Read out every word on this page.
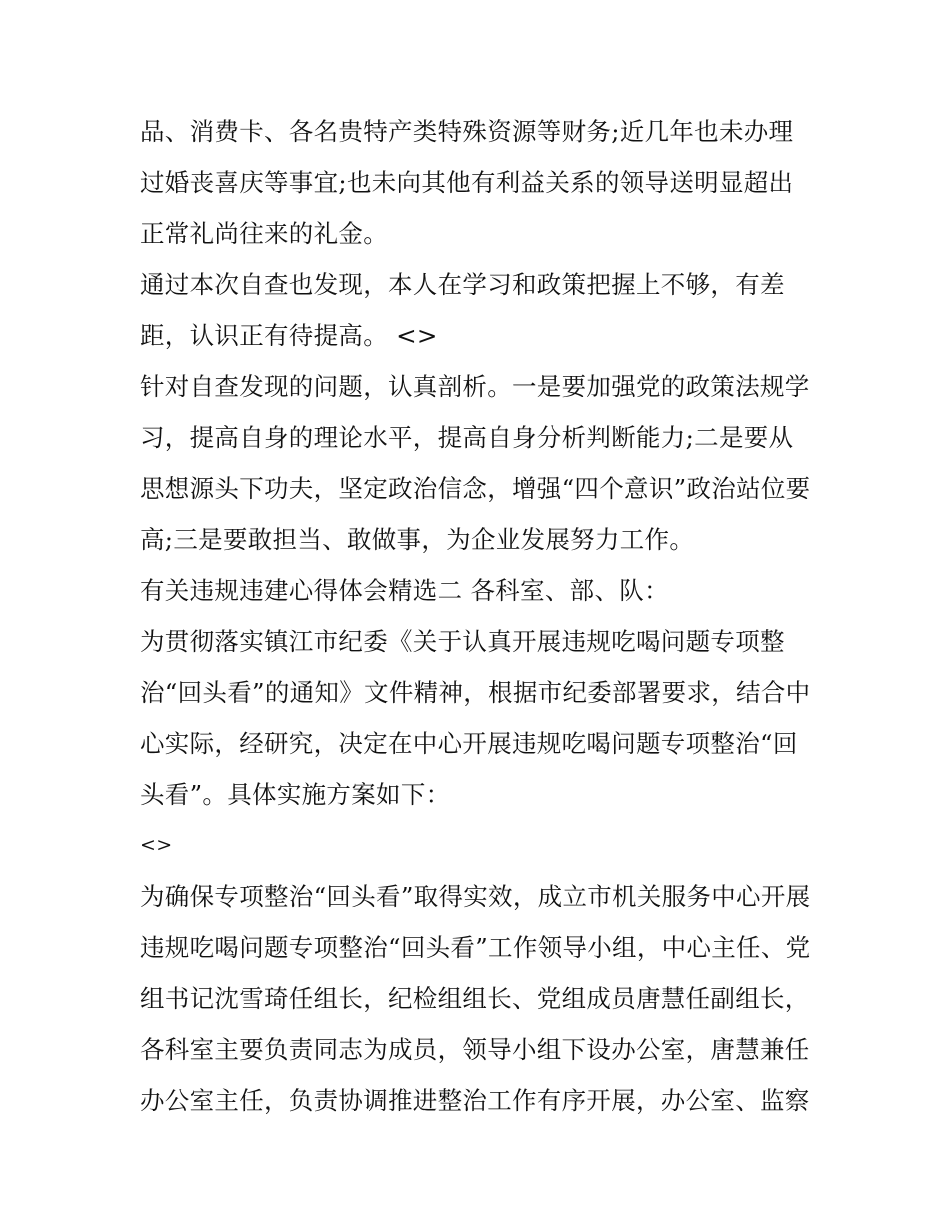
品、消费卡、各名贵特产类特殊资源等财务;近几年也未办理
过婚丧喜庆等事宜;也未向其他有利益关系的领导送明显超出
正常礼尚往来的礼金。
通过本次自查也发现，本人在学习和政策把握上不够，有差
距，认识正有待提高。 <>
针对自查发现的问题，认真剖析。一是要加强党的政策法规学
习，提高自身的理论水平，提高自身分析判断能力;二是要从
思想源头下功夫，坚定政治信念，增强“四个意识”政治站位要
高;三是要敢担当、敢做事，为企业发展努力工作。
有关违规违建心得体会精选二 各科室、部、队：
为贯彻落实镇江市纪委《关于认真开展违规吃喝问题专项整
治“回头看”的通知》文件精神，根据市纪委部署要求，结合中
心实际，经研究，决定在中心开展违规吃喝问题专项整治“回
头看”。具体实施方案如下：
<>
为确保专项整治“回头看”取得实效，成立市机关服务中心开展
违规吃喝问题专项整治“回头看”工作领导小组，中心主任、党
组书记沈雪琦任组长，纪检组组长、党组成员唐慧任副组长，
各科室主要负责同志为成员，领导小组下设办公室，唐慧兼任
办公室主任，负责协调推进整治工作有序开展，办公室、监察
